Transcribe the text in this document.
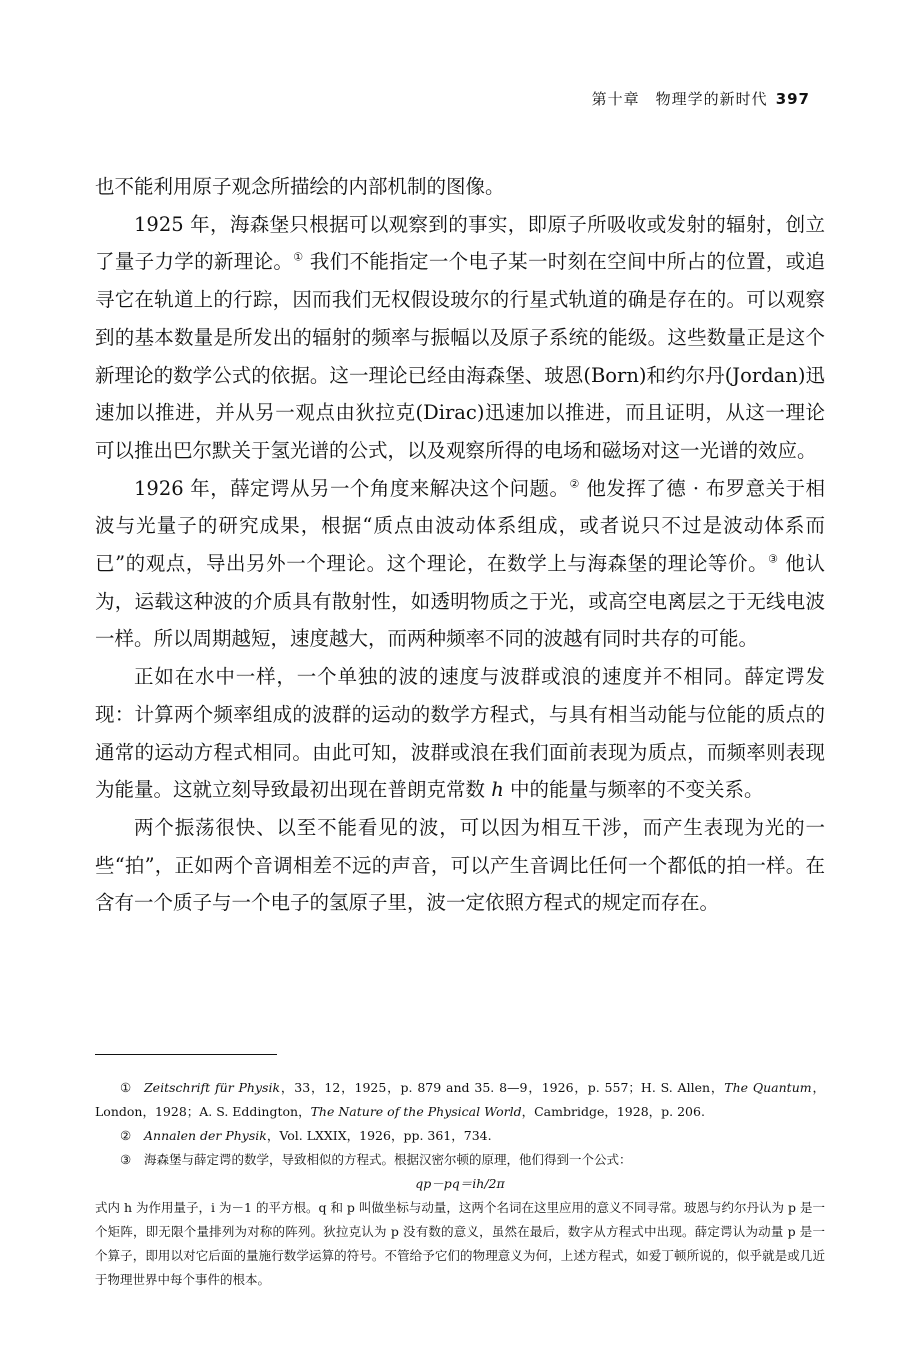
第十章　物理学的新时代 397

也不能利用原子观念所描绘的内部机制的图像。

1925 年，海森堡只根据可以观察到的事实，即原子所吸收或发射的辐射，创立了量子力学的新理论。① 我们不能指定一个电子某一时刻在空间中所占的位置，或追寻它在轨道上的行踪，因而我们无权假设玻尔的行星式轨道的确是存在的。可以观察到的基本数量是所发出的辐射的频率与振幅以及原子系统的能级。这些数量正是这个新理论的数学公式的依据。这一理论已经由海森堡、玻恩(Born)和约尔丹(Jordan)迅速加以推进，并从另一观点由狄拉克(Dirac)迅速加以推进，而且证明，从这一理论可以推出巴尔默关于氢光谱的公式，以及观察所得的电场和磁场对这一光谱的效应。

1926 年，薛定谔从另一个角度来解决这个问题。② 他发挥了德 · 布罗意关于相波与光量子的研究成果，根据“质点由波动体系组成，或者说只不过是波动体系而已”的观点，导出另外一个理论。这个理论，在数学上与海森堡的理论等价。③ 他认为，运载这种波的介质具有散射性，如透明物质之于光，或高空电离层之于无线电波一样。所以周期越短，速度越大，而两种频率不同的波越有同时共存的可能。

正如在水中一样，一个单独的波的速度与波群或浪的速度并不相同。薛定谔发现：计算两个频率组成的波群的运动的数学方程式，与具有相当动能与位能的质点的通常的运动方程式相同。由此可知，波群或浪在我们面前表现为质点，而频率则表现为能量。这就立刻导致最初出现在普朗克常数 h 中的能量与频率的不变关系。

两个振荡很快、以至不能看见的波，可以因为相互干涉，而产生表现为光的一些“拍”，正如两个音调相差不远的声音，可以产生音调比任何一个都低的拍一样。在含有一个质子与一个电子的氢原子里，波一定依照方程式的规定而存在。

① Zeitschrift für Physik，33，12，1925，p. 879 and 35. 8—9，1926，p. 557；H. S. Allen，The Quantum，London，1928；A. S. Eddington，The Nature of the Physical World，Cambridge，1928，p. 206.

② Annalen der Physik，Vol. LXXIX，1926，pp. 361，734.

③ 海森堡与薛定谔的数学，导致相似的方程式。根据汉密尔顿的原理，他们得到一个公式：

qp－pq＝ih/2π

式内 h 为作用量子，i 为－1 的平方根。q 和 p 叫做坐标与动量，这两个名词在这里应用的意义不同寻常。玻恩与约尔丹认为 p 是一个矩阵，即无限个量排列为对称的阵列。狄拉克认为 p 没有数的意义，虽然在最后，数字从方程式中出现。薛定谔认为动量 p 是一个算子，即用以对它后面的量施行数学运算的符号。不管给予它们的物理意义为何，上述方程式，如爱丁顿所说的，似乎就是或几近于物理世界中每个事件的根本。
